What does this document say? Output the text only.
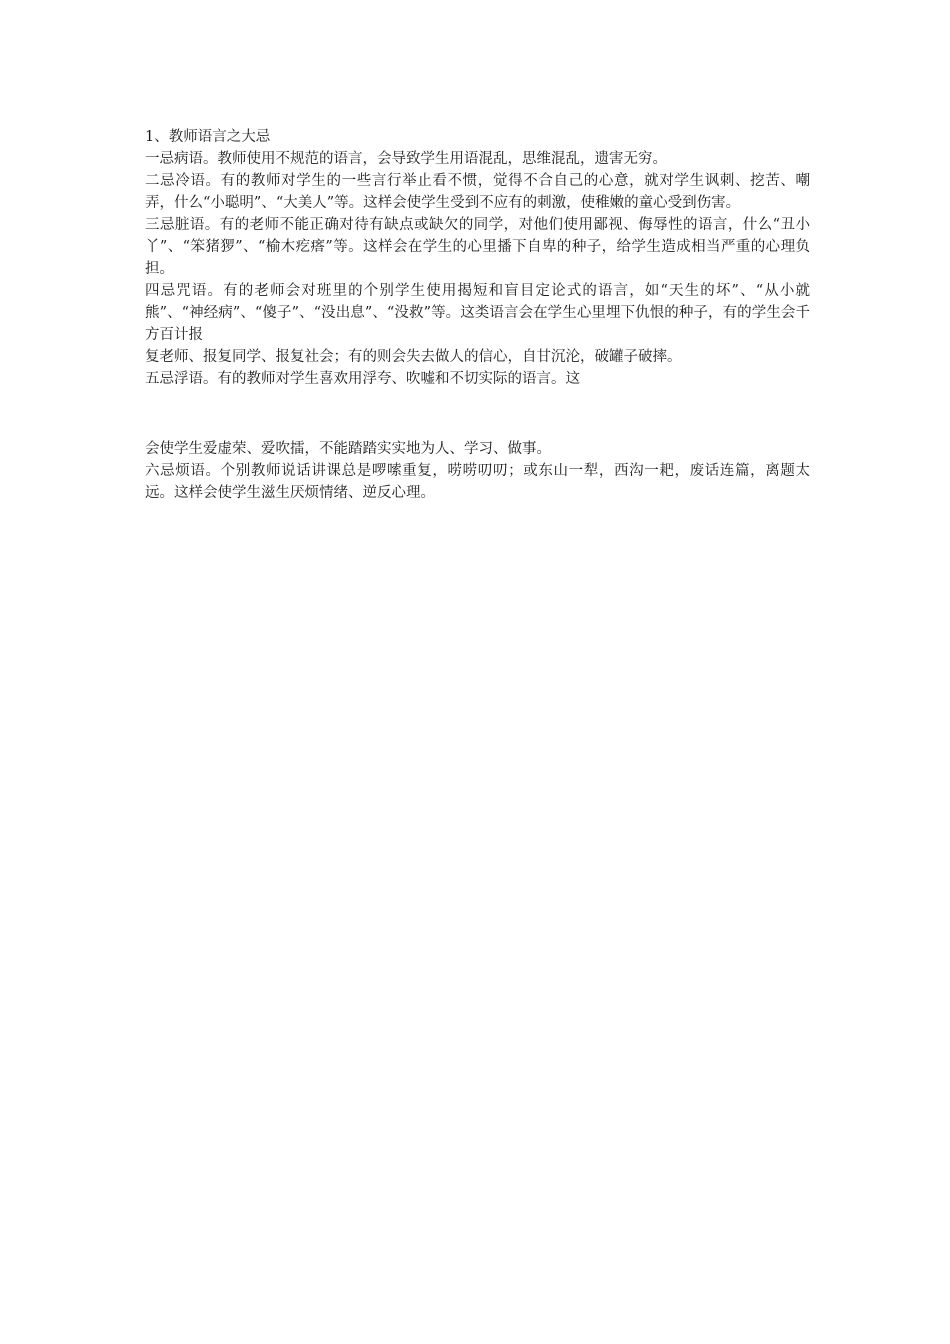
1、教师语言之大忌

一忌病语。教师使用不规范的语言，会导致学生用语混乱，思维混乱，遗害无穷。

二忌冷语。有的教师对学生的一些言行举止看不惯，觉得不合自己的心意，就对学生讽刺、挖苦、嘲弄，什么“小聪明”、“大美人”等。这样会使学生受到不应有的刺激，使稚嫩的童心受到伤害。

三忌脏语。有的老师不能正确对待有缺点或缺欠的同学，对他们使用鄙视、侮辱性的语言，什么“丑小丫”、“笨猪猡”、“榆木疙瘩”等。这样会在学生的心里播下自卑的种子，给学生造成相当严重的心理负担。

四忌咒语。有的老师会对班里的个别学生使用揭短和盲目定论式的语言，如“天生的坏”、“从小就熊”、“神经病”、“傻子”、“没出息”、“没救”等。这类语言会在学生心里埋下仇恨的种子，有的学生会千方百计报

复老师、报复同学、报复社会；有的则会失去做人的信心，自甘沉沦，破罐子破摔。

五忌浮语。有的教师对学生喜欢用浮夸、吹嘘和不切实际的语言。这

会使学生爱虚荣、爱吹擂，不能踏踏实实地为人、学习、做事。

六忌烦语。个别教师说话讲课总是啰嗦重复，唠唠叨叨；或东山一犁，西沟一耙，废话连篇，离题太远。这样会使学生滋生厌烦情绪、逆反心理。
